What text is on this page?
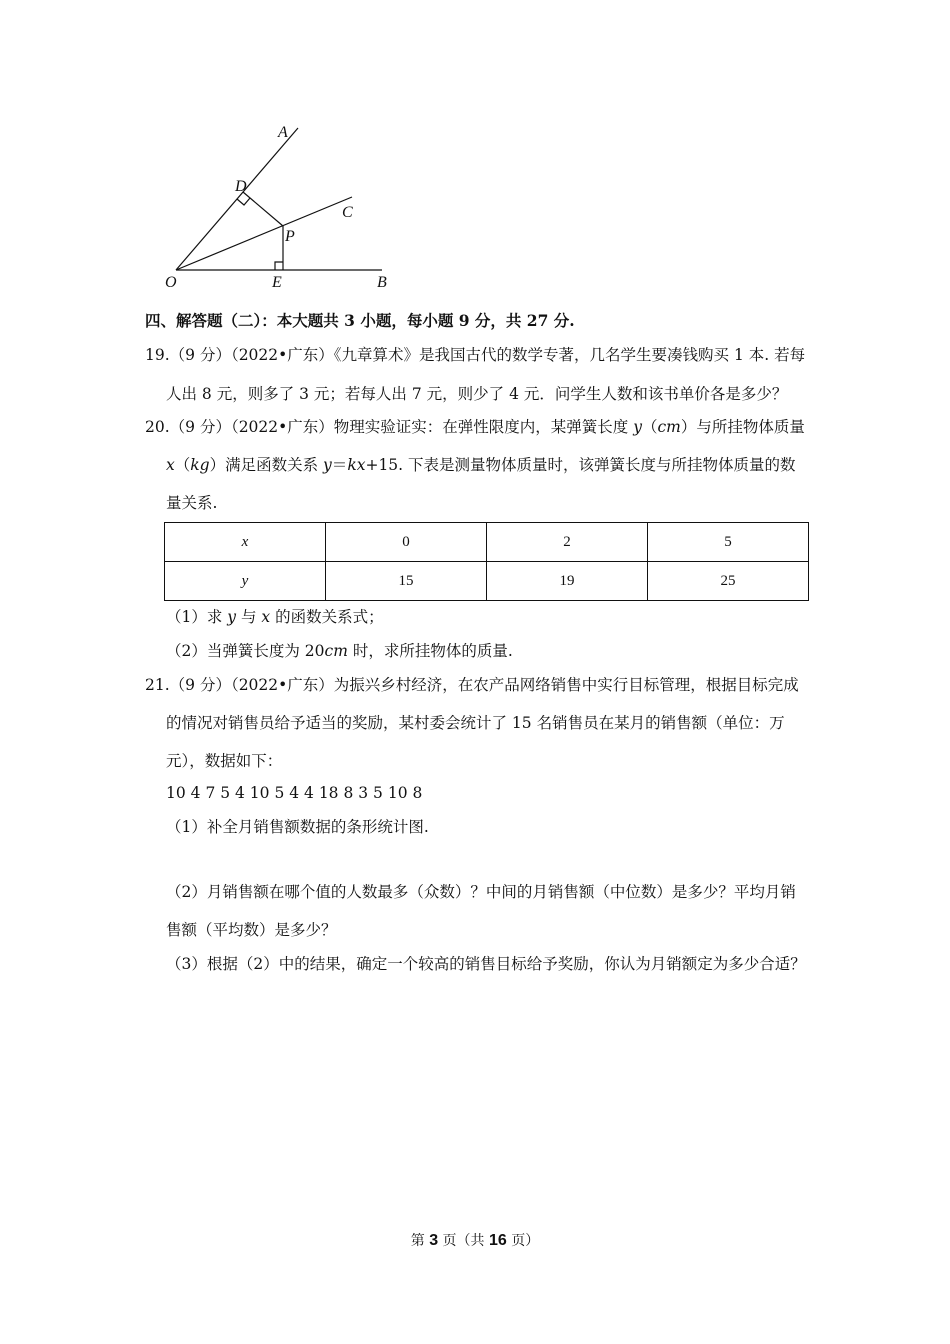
A
D
C
P
O	E	B
四、解答题（二）：本大题共 3 小题，每小题 9 分，共 27 分.
19.（9 分）（2022•广东）《九章算术》是我国古代的数学专著，几名学生要凑钱购买 1 本. 若每
人出 8 元，则多了 3 元；若每人出 7 元，则少了 4 元．问学生人数和该书单价各是多少？
20.（9 分）（2022•广东）物理实验证实：在弹性限度内，某弹簧长度 y（cm）与所挂物体质量
x（kg）满足函数关系 y＝kx+15. 下表是测量物体质量时，该弹簧长度与所挂物体质量的数
量关系.
x	0	2	5
y	15	19	25
（1）求 y 与 x 的函数关系式；
（2）当弹簧长度为 20cm 时，求所挂物体的质量.
21.（9 分）（2022•广东）为振兴乡村经济，在农产品网络销售中实行目标管理，根据目标完成
的情况对销售员给予适当的奖励，某村委会统计了 15 名销售员在某月的销售额（单位：万
元），数据如下：
10 4 7 5 4 10 5 4 4 18 8 3 5 10 8
（1）补全月销售额数据的条形统计图.
（2）月销售额在哪个值的人数最多（众数）？中间的月销售额（中位数）是多少？平均月销
售额（平均数）是多少？
（3）根据（2）中的结果，确定一个较高的销售目标给予奖励，你认为月销额定为多少合适？
第 3 页（共 16 页）
